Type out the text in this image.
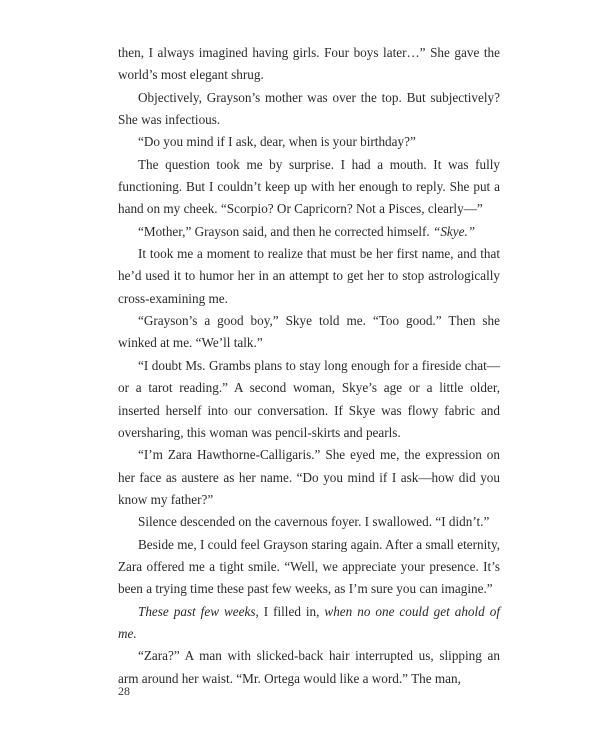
then, I always imagined having girls. Four boys later…” She gave the world’s most elegant shrug.

Objectively, Grayson’s mother was over the top. But subjectively? She was infectious.

“Do you mind if I ask, dear, when is your birthday?”

The question took me by surprise. I had a mouth. It was fully functioning. But I couldn’t keep up with her enough to reply. She put a hand on my cheek. “Scorpio? Or Capricorn? Not a Pisces, clearly—”

“Mother,” Grayson said, and then he corrected himself. “Skye.”

It took me a moment to realize that must be her first name, and that he’d used it to humor her in an attempt to get her to stop astrologically cross-examining me.

“Grayson’s a good boy,” Skye told me. “Too good.” Then she winked at me. “We’ll talk.”

“I doubt Ms. Grambs plans to stay long enough for a fireside chat—or a tarot reading.” A second woman, Skye’s age or a little older, inserted herself into our conversation. If Skye was flowy fabric and oversharing, this woman was pencil-skirts and pearls.

“I’m Zara Hawthorne-Calligaris.” She eyed me, the expression on her face as austere as her name. “Do you mind if I ask—how did you know my father?”

Silence descended on the cavernous foyer. I swallowed. “I didn’t.”

Beside me, I could feel Grayson staring again. After a small eternity, Zara offered me a tight smile. “Well, we appreciate your presence. It’s been a trying time these past few weeks, as I’m sure you can imagine.”

These past few weeks, I filled in, when no one could get ahold of me.

“Zara?” A man with slicked-back hair interrupted us, slipping an arm around her waist. “Mr. Ortega would like a word.” The man,

28
